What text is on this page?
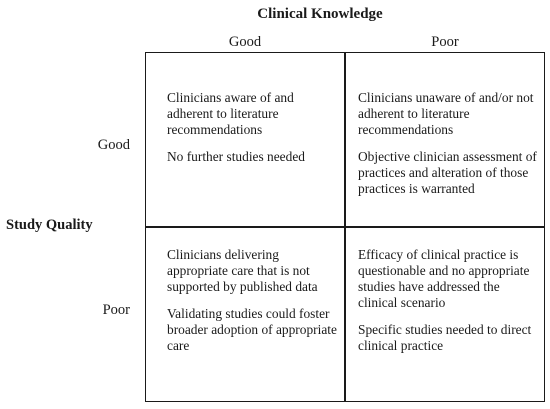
Clinical Knowledge
Good	Poor
Study Quality
Good
Poor

Clinicians aware of and adherent to literature recommendations

No further studies needed

Clinicians unaware of and/or not adherent to literature recommendations

Objective clinician assessment of practices and alteration of those practices is warranted

Clinicians delivering appropriate care that is not supported by published data

Validating studies could foster broader adoption of appropriate care

Efficacy of clinical practice is questionable and no appropriate studies have addressed the clinical scenario

Specific studies needed to direct clinical practice
